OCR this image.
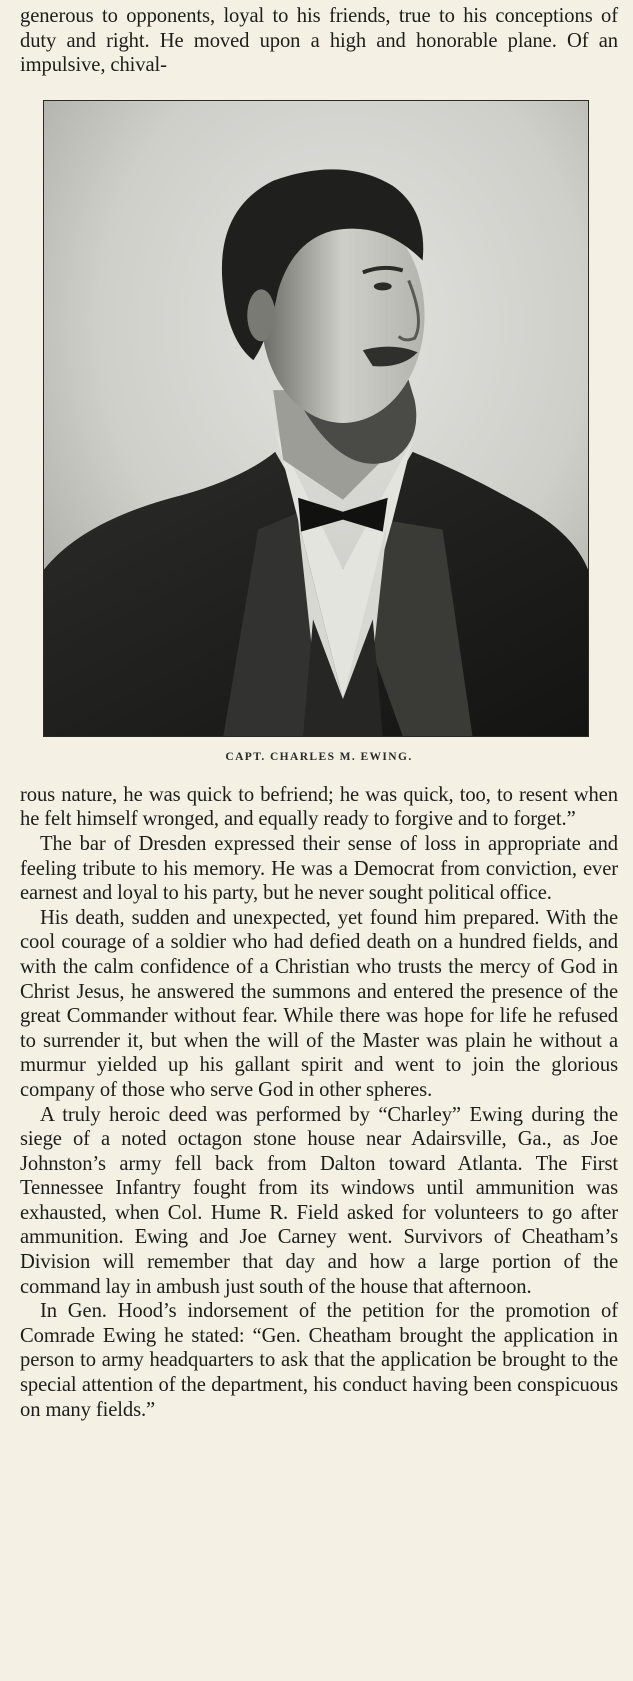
generous to opponents, loyal to his friends, true to his conceptions of duty and right. He moved upon a high and honorable plane. Of an impulsive, chival-

CAPT. CHARLES M. EWING.

rous nature, he was quick to befriend; he was quick, too, to resent when he felt himself wronged, and equally ready to forgive and to forget.”

The bar of Dresden expressed their sense of loss in appropriate and feeling tribute to his memory. He was a Democrat from conviction, ever earnest and loyal to his party, but he never sought political office.

His death, sudden and unexpected, yet found him prepared. With the cool courage of a soldier who had defied death on a hundred fields, and with the calm confidence of a Christian who trusts the mercy of God in Christ Jesus, he answered the summons and entered the presence of the great Commander without fear. While there was hope for life he refused to surrender it, but when the will of the Master was plain he without a murmur yielded up his gallant spirit and went to join the glorious company of those who serve God in other spheres.

A truly heroic deed was performed by “Charley” Ewing during the siege of a noted octagon stone house near Adairsville, Ga., as Joe Johnston’s army fell back from Dalton toward Atlanta. The First Tennessee Infantry fought from its windows until ammunition was exhausted, when Col. Hume R. Field asked for volunteers to go after ammunition. Ewing and Joe Carney went. Survivors of Cheatham’s Division will remember that day and how a large portion of the command lay in ambush just south of the house that afternoon.

In Gen. Hood’s indorsement of the petition for the promotion of Comrade Ewing he stated: “Gen. Cheatham brought the application in person to army headquarters to ask that the application be brought to the special attention of the department, his conduct having been conspicuous on many fields.”
